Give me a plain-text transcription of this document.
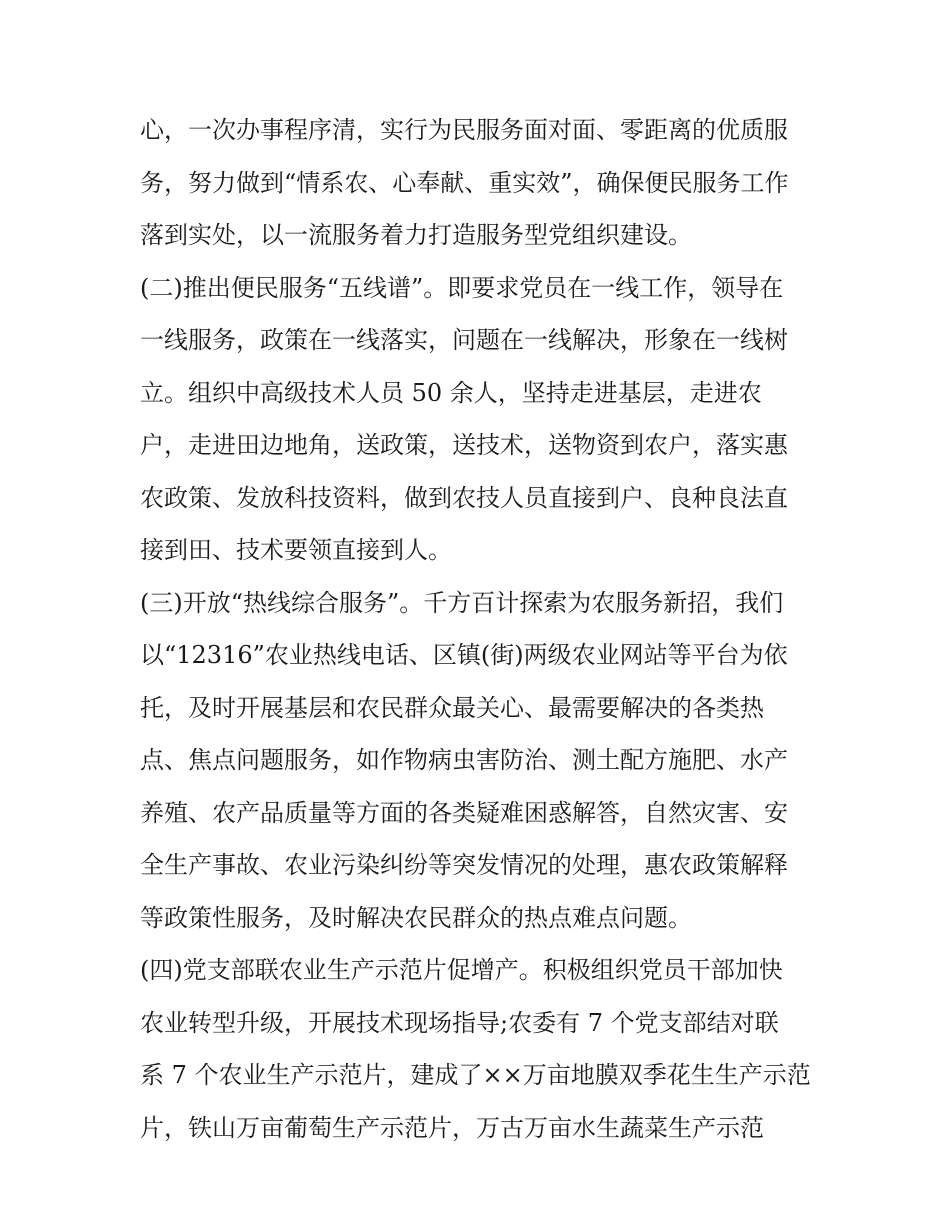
心，一次办事程序清，实行为民服务面对面、零距离的优质服
务，努力做到“情系农、心奉献、重实效”，确保便民服务工作
落到实处，以一流服务着力打造服务型党组织建设。
(二)推出便民服务“五线谱”。即要求党员在一线工作，领导在
一线服务，政策在一线落实，问题在一线解决，形象在一线树
立。组织中高级技术人员 50 余人，坚持走进基层，走进农
户，走进田边地角，送政策，送技术，送物资到农户，落实惠
农政策、发放科技资料，做到农技人员直接到户、良种良法直
接到田、技术要领直接到人。
(三)开放“热线综合服务”。千方百计探索为农服务新招，我们
以“12316”农业热线电话、区镇(街)两级农业网站等平台为依
托，及时开展基层和农民群众最关心、最需要解决的各类热
点、焦点问题服务，如作物病虫害防治、测土配方施肥、水产
养殖、农产品质量等方面的各类疑难困惑解答，自然灾害、安
全生产事故、农业污染纠纷等突发情况的处理，惠农政策解释
等政策性服务，及时解决农民群众的热点难点问题。
(四)党支部联农业生产示范片促增产。积极组织党员干部加快
农业转型升级，开展技术现场指导;农委有 7 个党支部结对联
系 7 个农业生产示范片，建成了××万亩地膜双季花生生产示范
片，铁山万亩葡萄生产示范片，万古万亩水生蔬菜生产示范
